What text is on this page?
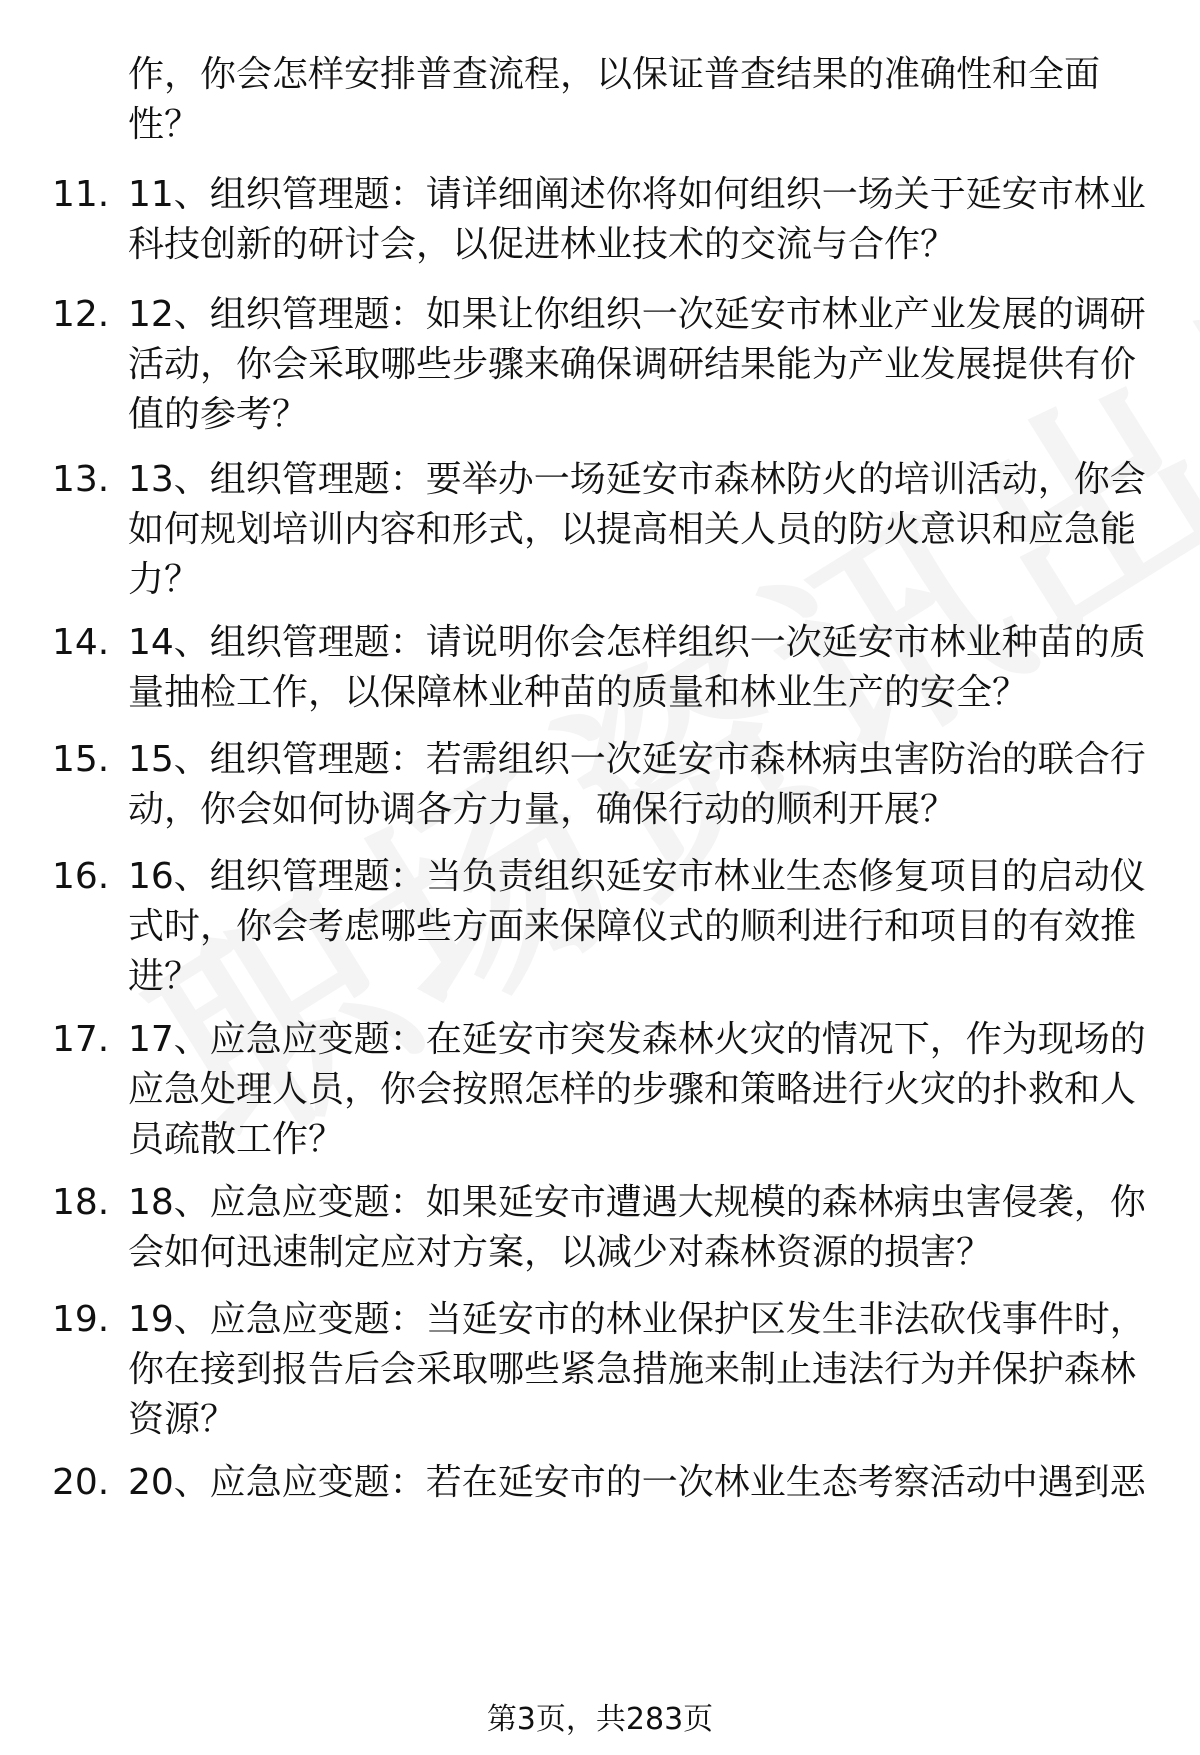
作，你会怎样安排普查流程，以保证普查结果的准确性和全面
性？
11. 11、组织管理题：请详细阐述你将如何组织一场关于延安市林业
科技创新的研讨会，以促进林业技术的交流与合作？
12. 12、组织管理题：如果让你组织一次延安市林业产业发展的调研
活动，你会采取哪些步骤来确保调研结果能为产业发展提供有价
值的参考？
13. 13、组织管理题：要举办一场延安市森林防火的培训活动，你会
如何规划培训内容和形式，以提高相关人员的防火意识和应急能
力？
14. 14、组织管理题：请说明你会怎样组织一次延安市林业种苗的质
量抽检工作，以保障林业种苗的质量和林业生产的安全？
15. 15、组织管理题：若需组织一次延安市森林病虫害防治的联合行
动，你会如何协调各方力量，确保行动的顺利开展？
16. 16、组织管理题：当负责组织延安市林业生态修复项目的启动仪
式时，你会考虑哪些方面来保障仪式的顺利进行和项目的有效推
进？
17. 17、应急应变题：在延安市突发森林火灾的情况下，作为现场的
应急处理人员，你会按照怎样的步骤和策略进行火灾的扑救和人
员疏散工作？
18. 18、应急应变题：如果延安市遭遇大规模的森林病虫害侵袭，你
会如何迅速制定应对方案，以减少对森林资源的损害？
19. 19、应急应变题：当延安市的林业保护区发生非法砍伐事件时，
你在接到报告后会采取哪些紧急措施来制止违法行为并保护森林
资源？
20. 20、应急应变题：若在延安市的一次林业生态考察活动中遇到恶
第3页，共283页
